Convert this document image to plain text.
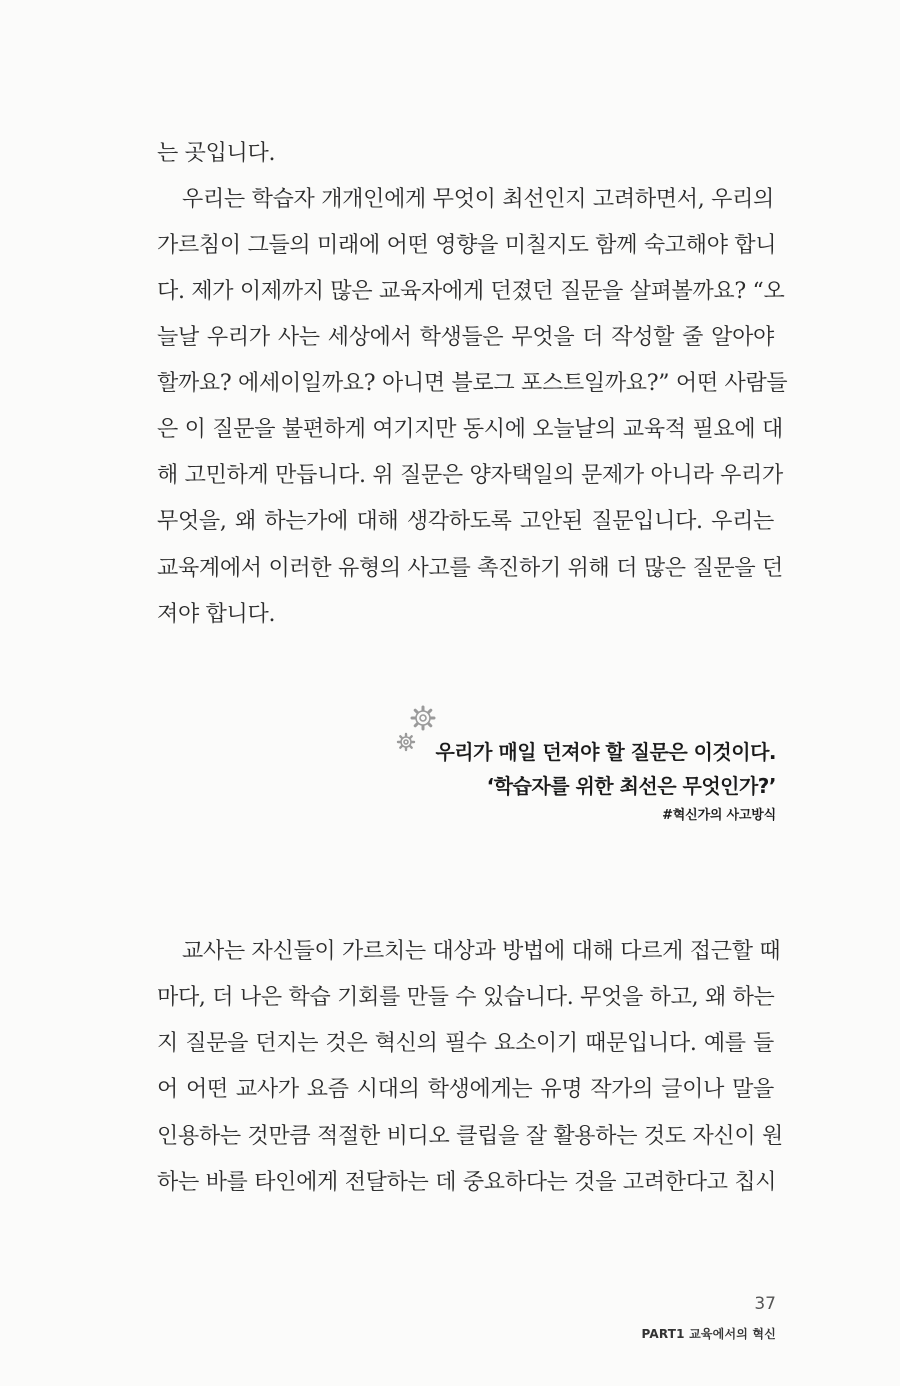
는 곳입니다.
우리는 학습자 개개인에게 무엇이 최선인지 고려하면서, 우리의
가르침이 그들의 미래에 어떤 영향을 미칠지도 함께 숙고해야 합니
다. 제가 이제까지 많은 교육자에게 던졌던 질문을 살펴볼까요? “오
늘날 우리가 사는 세상에서 학생들은 무엇을 더 작성할 줄 알아야
할까요? 에세이일까요? 아니면 블로그 포스트일까요?” 어떤 사람들
은 이 질문을 불편하게 여기지만 동시에 오늘날의 교육적 필요에 대
해 고민하게 만듭니다. 위 질문은 양자택일의 문제가 아니라 우리가
무엇을, 왜 하는가에 대해 생각하도록 고안된 질문입니다. 우리는
교육계에서 이러한 유형의 사고를 촉진하기 위해 더 많은 질문을 던
져야 합니다.
우리가 매일 던져야 할 질문은 이것이다.
‘학습자를 위한 최선은 무엇인가?’
#혁신가의 사고방식
교사는 자신들이 가르치는 대상과 방법에 대해 다르게 접근할 때
마다, 더 나은 학습 기회를 만들 수 있습니다. 무엇을 하고, 왜 하는
지 질문을 던지는 것은 혁신의 필수 요소이기 때문입니다. 예를 들
어 어떤 교사가 요즘 시대의 학생에게는 유명 작가의 글이나 말을
인용하는 것만큼 적절한 비디오 클립을 잘 활용하는 것도 자신이 원
하는 바를 타인에게 전달하는 데 중요하다는 것을 고려한다고 칩시
37
PART1 교육에서의 혁신
